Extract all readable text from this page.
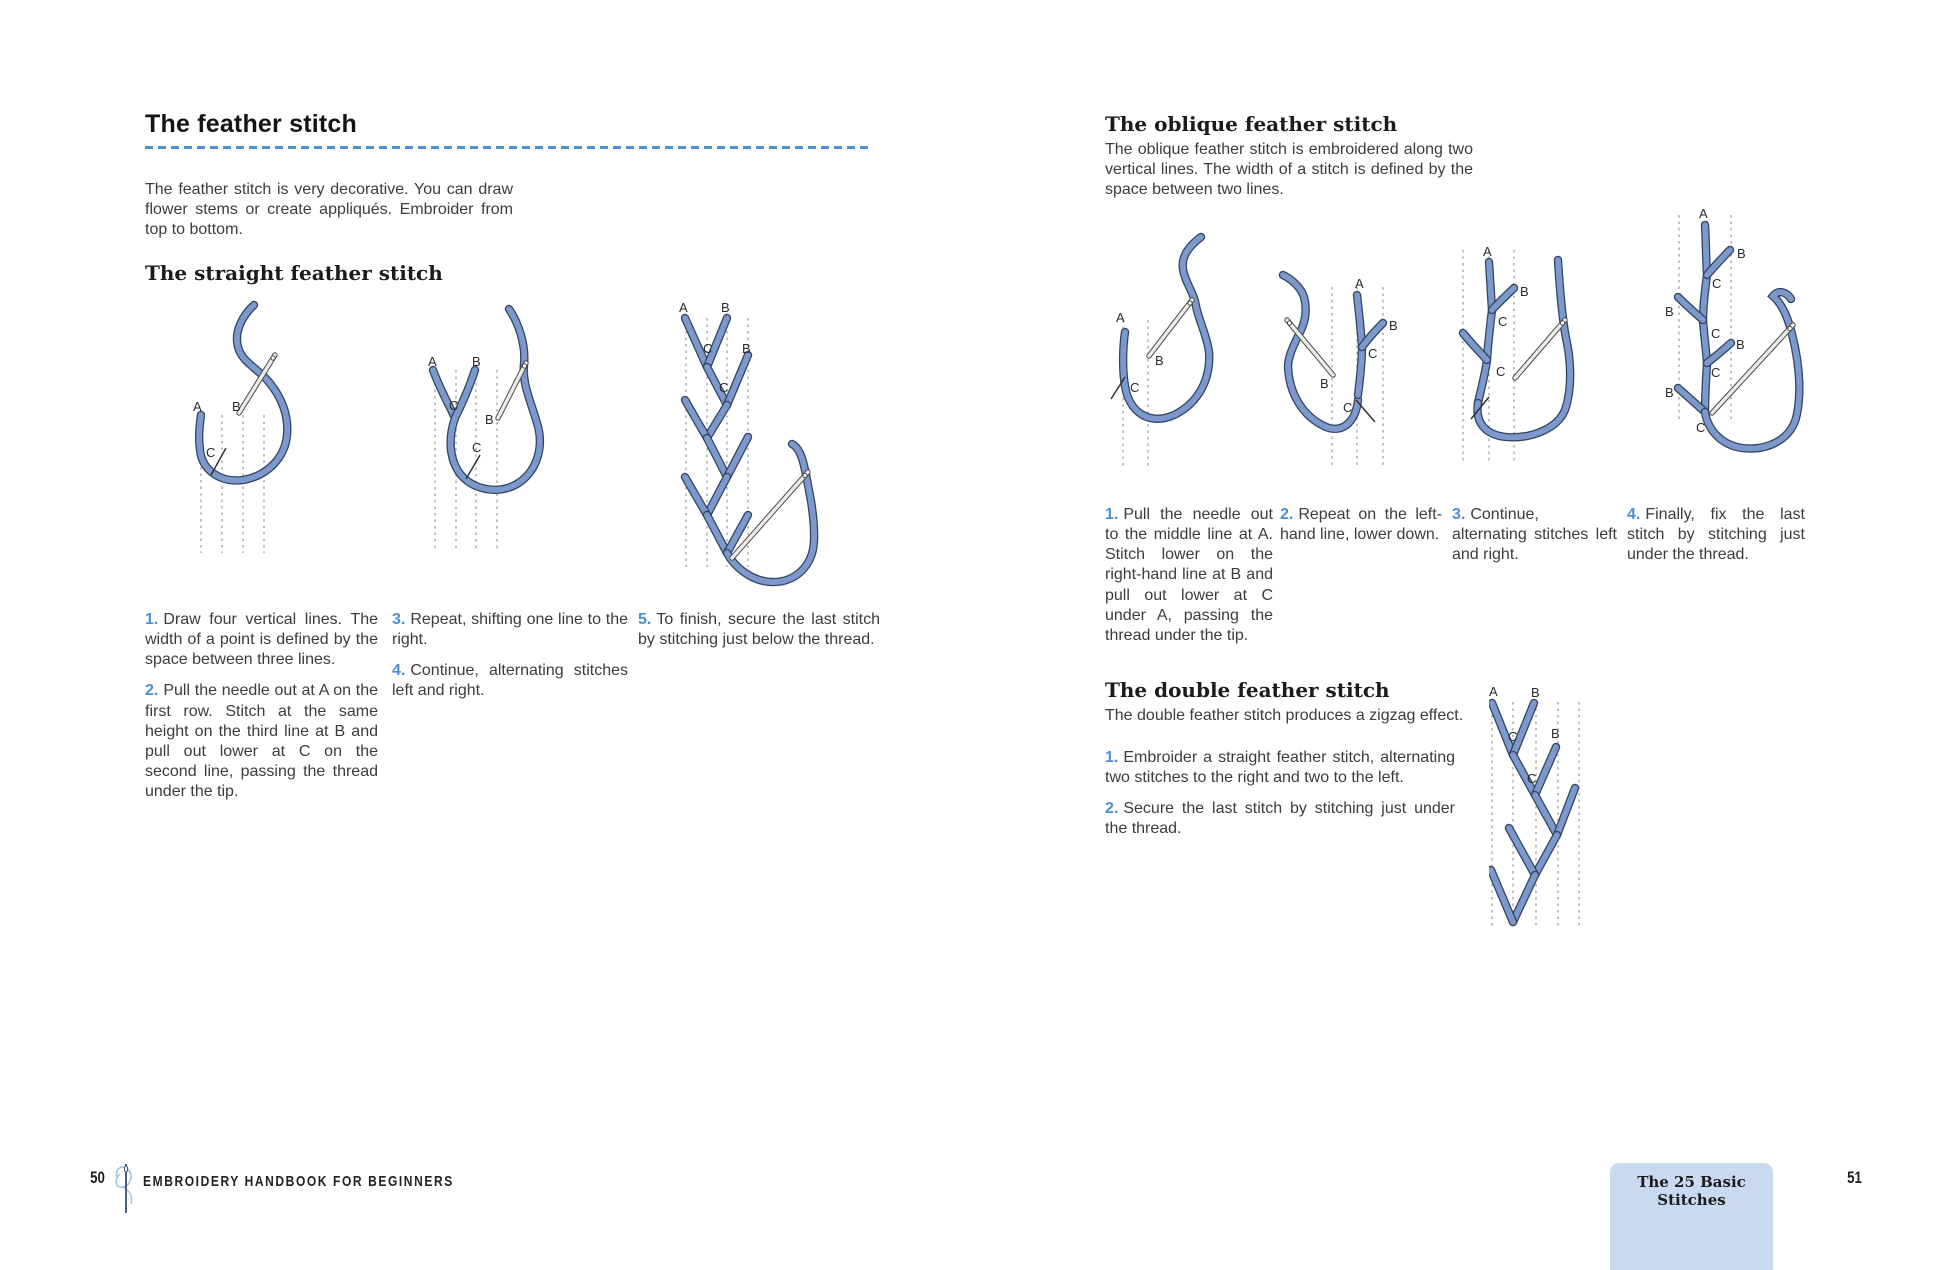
The feather stitch
The feather stitch is very decorative. You can draw flower stems or create appliqués. Embroider from top to bottom.
The straight feather stitch
A B
C
A	B
C
B
C
A	B
C B
C

1. Draw four vertical lines. The width of a point is defined by the space between three lines.

2. Pull the needle out at A on the first row. Stitch at the same height on the third line at B and pull out lower at C on the second line, passing the thread under the tip.

3. Repeat, shifting one line to the right.

4. Continue, alternating stitches left and right.

5. To finish, secure the last stitch by stitching just below the thread.

The oblique feather stitch
The oblique feather stitch is embroidered along two vertical lines. The width of a stitch is defined by the space between two lines.
A
B
C
A
B
B
C
C
A
B
C
C
A
B
C
B
C
B
C
B
C

1. Pull the needle out to the middle line at A. Stitch lower on the right-hand line at B and pull out lower at C under A, passing the thread under the tip.

2. Repeat on the left-hand line, lower down.

3. Continue, alternating stitches left and right.

4. Finally, fix the last stitch by stitching just under the thread.

The double feather stitch
The double feather stitch produces a zigzag effect.

1. Embroider a straight feather stitch, alternating two stitches to the right and two to the left.

2. Secure the last stitch by stitching just under the thread.

A	B
C	B
C
50	EMBROIDERY HANDBOOK FOR BEGINNERS	The 25 Basic Stitches
51
